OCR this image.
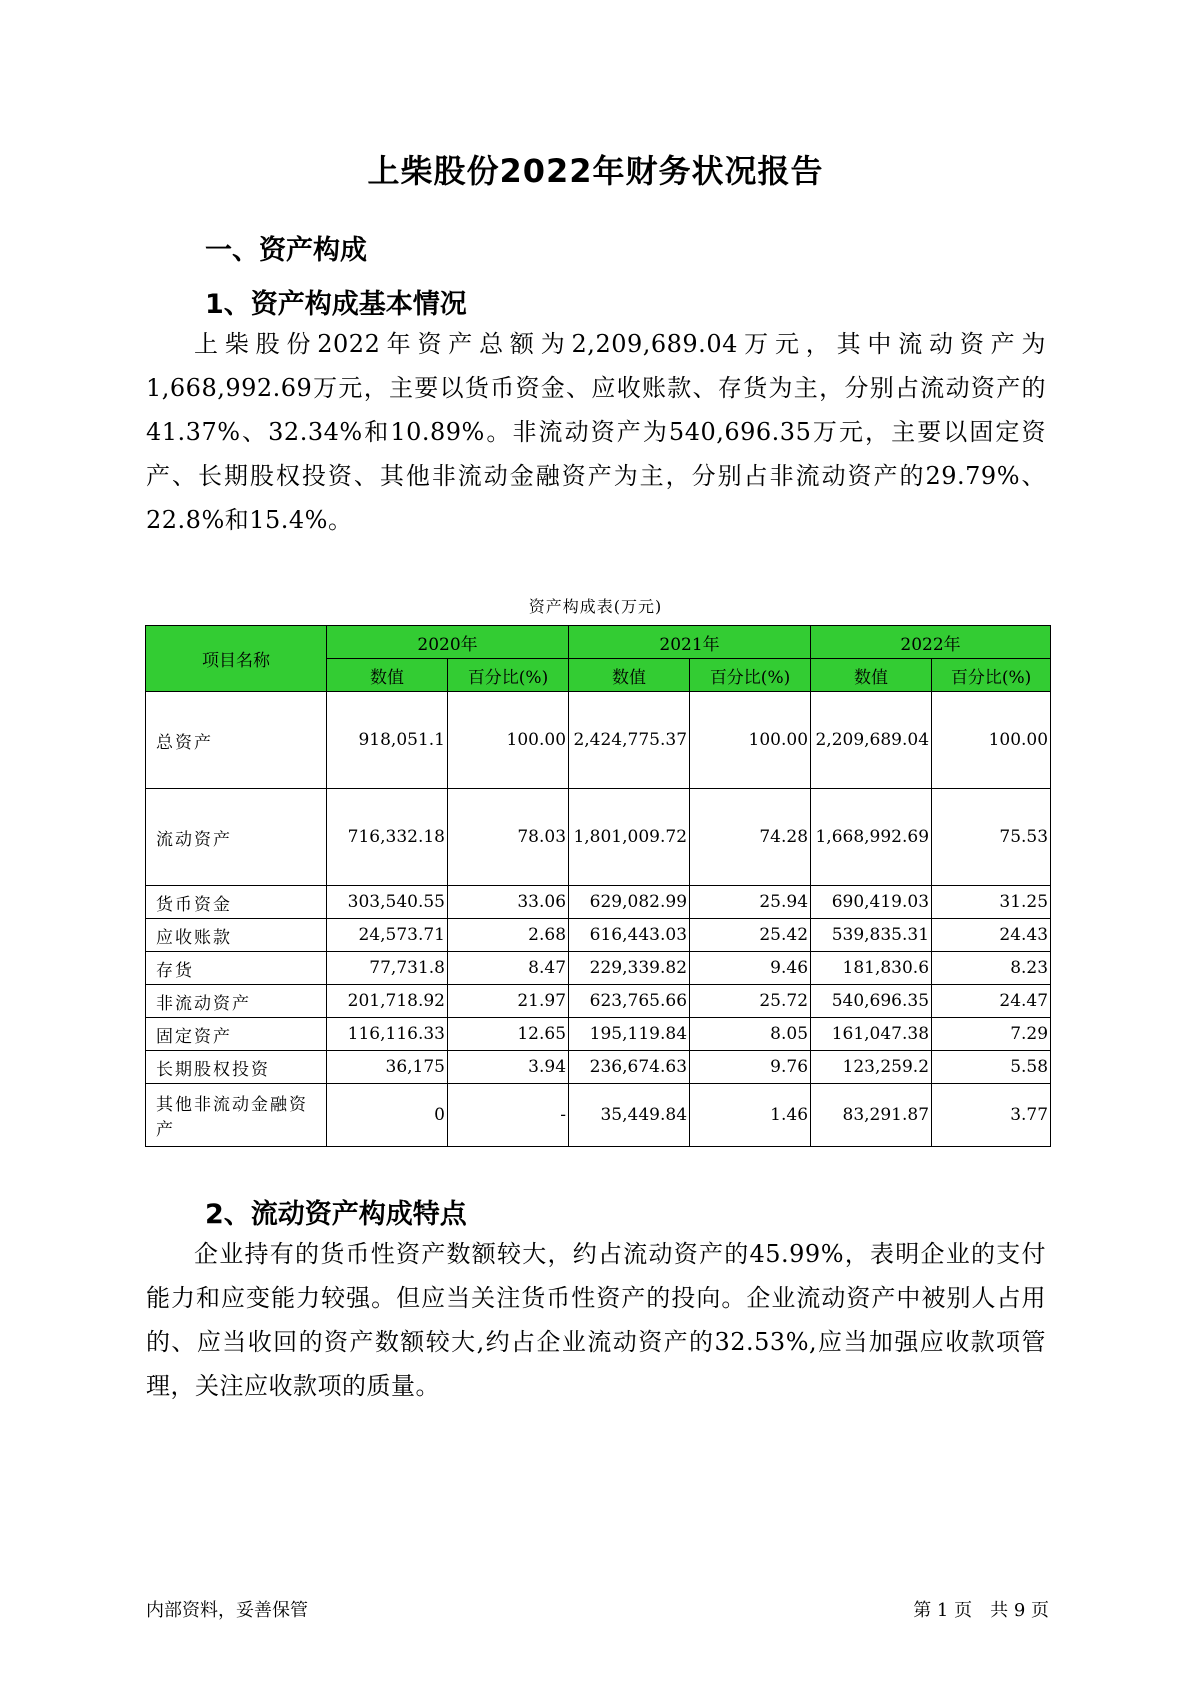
上柴股份2022年财务状况报告
一、资产构成
1、资产构成基本情况
上柴股份2022年资产总额为2,209,689.04万元，其中流动资产为1,668,992.69万元，主要以货币资金、应收账款、存货为主，分别占流动资产的41.37%、32.34%和10.89%。非流动资产为540,696.35万元，主要以固定资产、长期股权投资、其他非流动金融资产为主，分别占非流动资产的29.79%、22.8%和15.4%。
资产构成表(万元)
项目名称	2020年		2021年		2022年	
	数值	百分比(%)	数值	百分比(%)	数值	百分比(%)
总资产	918,051.1	100.00	2,424,775.37	100.00	2,209,689.04	100.00
流动资产	716,332.18	78.03	1,801,009.72	74.28	1,668,992.69	75.53
货币资金	303,540.55	33.06	629,082.99	25.94	690,419.03	31.25
应收账款	24,573.71	2.68	616,443.03	25.42	539,835.31	24.43
存货	77,731.8	8.47	229,339.82	9.46	181,830.6	8.23
非流动资产	201,718.92	21.97	623,765.66	25.72	540,696.35	24.47
固定资产	116,116.33	12.65	195,119.84	8.05	161,047.38	7.29
长期股权投资	36,175	3.94	236,674.63	9.76	123,259.2	5.58
其他非流动金融资产	0	-	35,449.84	1.46	83,291.87	3.77
2、流动资产构成特点
企业持有的货币性资产数额较大，约占流动资产的45.99%，表明企业的支付能力和应变能力较强。但应当关注货币性资产的投向。企业流动资产中被别人占用的、应当收回的资产数额较大,约占企业流动资产的32.53%,应当加强应收款项管理，关注应收款项的质量。
内部资料，妥善保管	第 1 页　共 9 页
